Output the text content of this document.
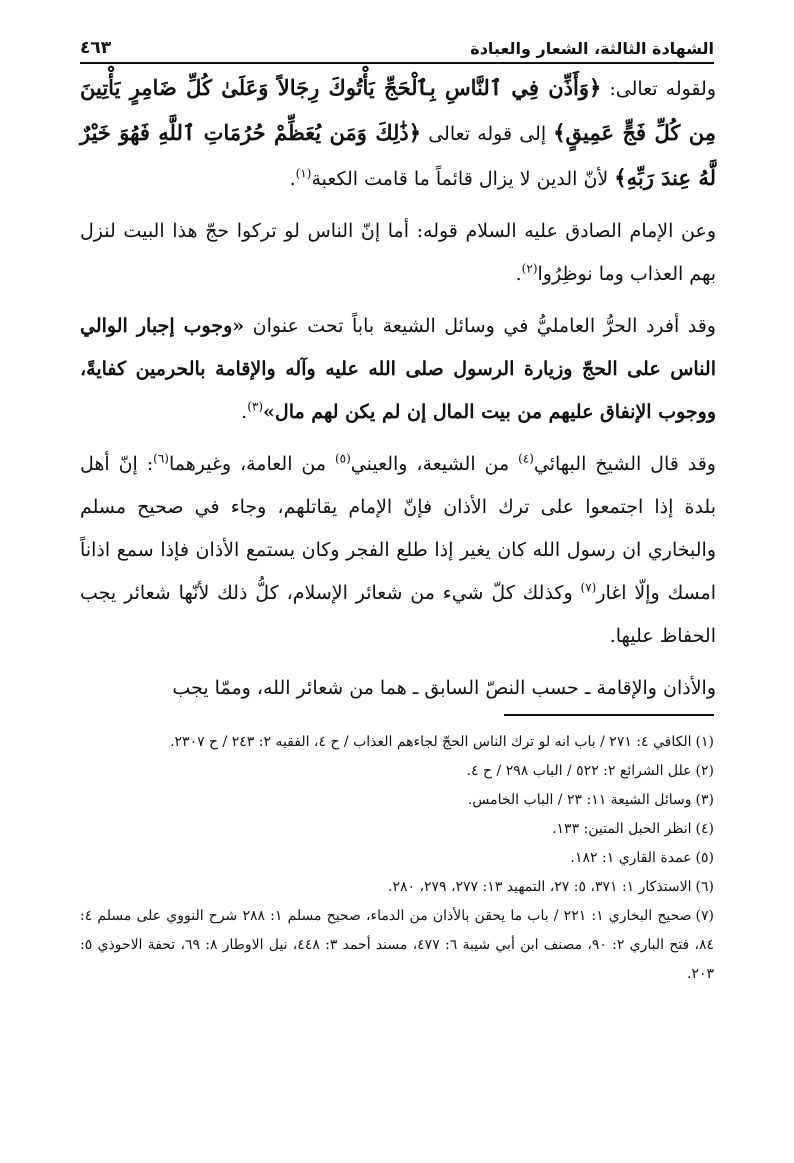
الشهادة الثالثة، الشعار والعبادة
٤٦٣

ولقوله تعالى: ﴿وَأَذِّن فِي ٱلنَّاسِ بِٱلْحَجِّ يَأْتُوكَ رِجَالاً وَعَلَىٰ كُلِّ ضَامِرٍ يَأْتِينَ مِن كُلِّ فَجٍّ عَمِيقٍ﴾ إلى قوله تعالى ﴿ذَٰلِكَ وَمَن يُعَظِّمْ حُرُمَاتِ ٱللَّهِ فَهُوَ خَيْرٌ لَّهُ عِندَ رَبِّهِ﴾ لأنّ الدين لا يزال قائماً ما قامت الكعبة$^{(١)}$.

وعن الإمام الصادق عليه السلام قوله: أما إنّ الناس لو تركوا حجّ هذا البيت لنزل بهم العذاب وما نوظِرُوا$^{(٢)}$.

وقد أفرد الحرُّ العامليُّ في وسائل الشيعة باباً تحت عنوان «وجوب إجبار الوالي الناس على الحجّ وزيارة الرسول صلى الله عليه وآله والإقامة بالحرمين كفايةً، ووجوب الإنفاق عليهم من بيت المال إن لم يكن لهم مال»$^{(٣)}$.

وقد قال الشيخ البهائي$^{(٤)}$ من الشيعة، والعيني$^{(٥)}$ من العامة، وغيرهما$^{(٦)}$: إنّ أهل بلدة إذا اجتمعوا على ترك الأذان فإنّ الإمام يقاتلهم، وجاء في صحيح مسلم والبخاري ان رسول الله كان يغير إذا طلع الفجر وكان يستمع الأذان فإذا سمع اذاناً امسك وإلّا اغار$^{(٧)}$ وكذلك كلّ شيء من شعائر الإسلام، كلُّ ذلك لأنّها شعائر يجب الحفاظ عليها.

والأذان والإقامة ـ حسب النصّ السابق ـ هما من شعائر الله، وممّا يجب

(١)الكافي ٤: ٢٧١ / باب انه لو ترك الناس الحجّ لجاءهم العذاب / ح ٤، الفقيه ٢: ٢٤٣ / ح ٢٣٠٧.

(٢)علل الشرائع ٢: ٥٢٢ / الباب ٢٩٨ / ح ٤.

(٣)وسائل الشيعة ١١: ٢٣ / الباب الخامس.

(٤)انظر الحبل المتين: ١٣٣.

(٥)عمدة القاري ١: ١٨٢.

(٦)الاستذكار ١: ٣٧١، ٥: ٢٧، التمهيد ١٣: ٢٧٧، ٢٧٩، ٢٨٠.

(٧)صحيح البخاري ١: ٢٢١ / باب ما يحقن بالأذان من الدماء، صحيح مسلم ١: ٢٨٨ شرح النووي على مسلم ٤: ٨٤، فتح الباري ٢: ٩٠، مصنف ابن أبي شيبة ٦: ٤٧٧، مسند أحمد ٣: ٤٤٨، نيل الاوطار ٨: ٦٩، تحفة الاحوذي ٥: ٢٠٣.
